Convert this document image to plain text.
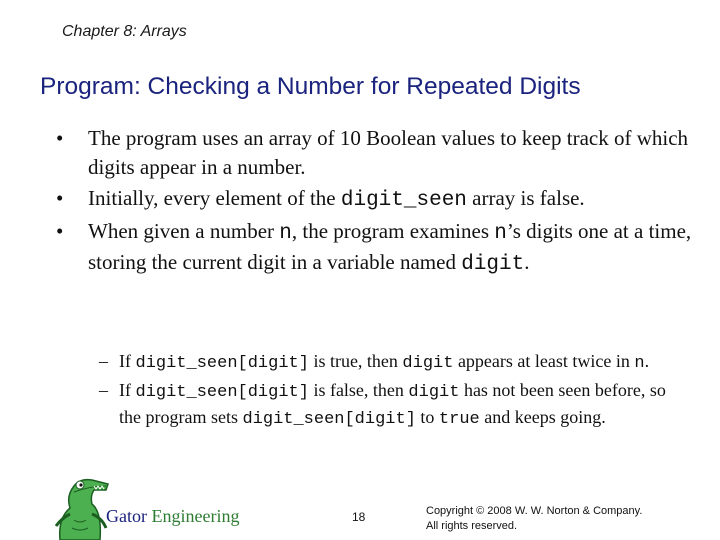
Chapter 8: Arrays
Program: Checking a Number for Repeated Digits
• The program uses an array of 10 Boolean values to keep track of which digits appear in a number.
• Initially, every element of the digit_seen array is false.
• When given a number n, the program examines n’s digits one at a time, storing the current digit in a variable named digit.
– If digit_seen[digit] is true, then digit appears at least twice in n.
– If digit_seen[digit] is false, then digit has not been seen before, so the program sets digit_seen[digit] to true and keeps going.
Gator Engineering	18	Copyright © 2008 W. W. Norton & Company.
All rights reserved.
